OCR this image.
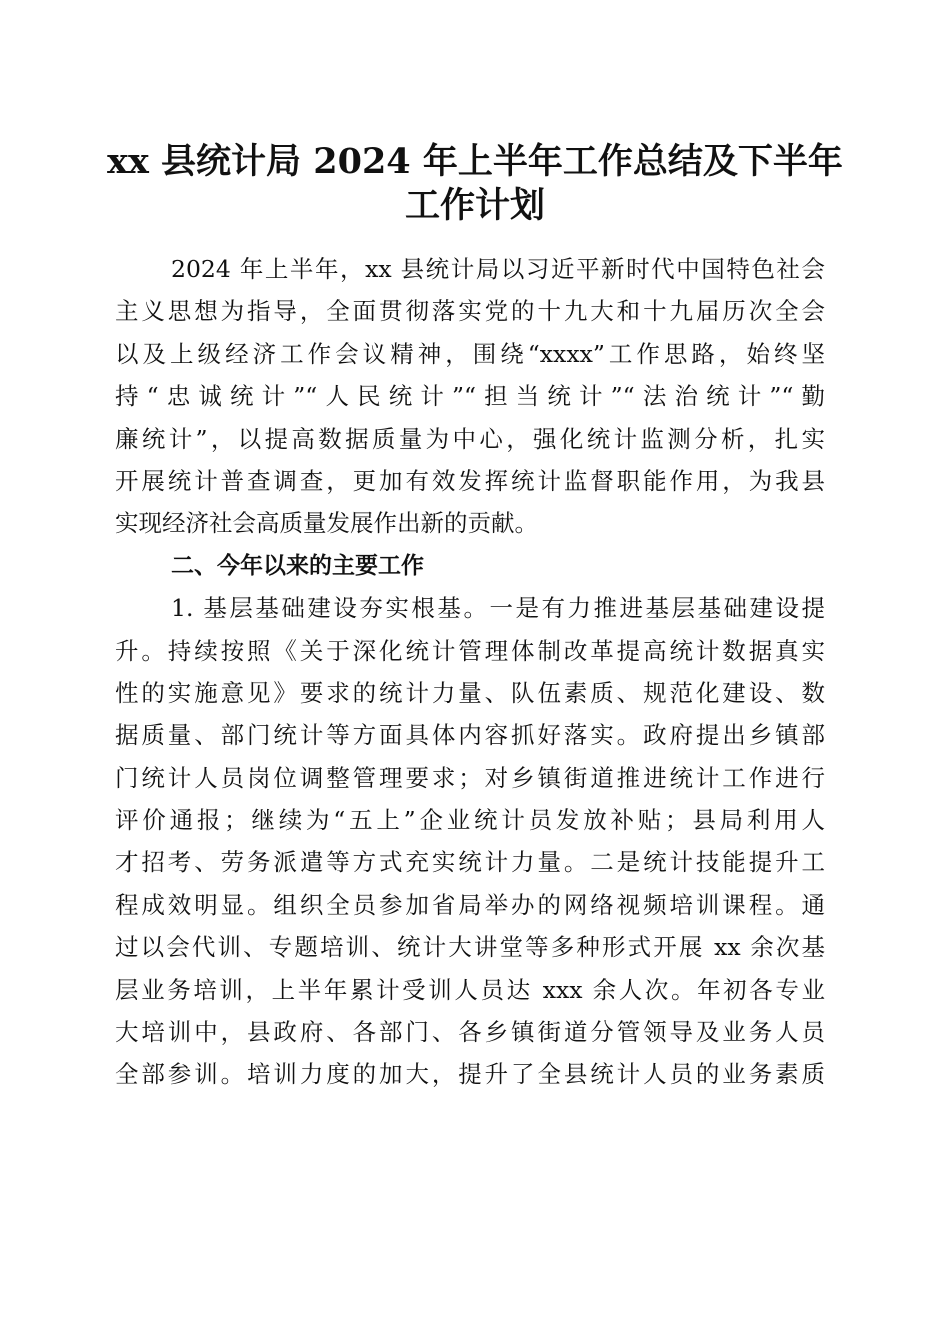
xx 县统计局 2024 年上半年工作总结及下半年
工作计划
2024 年上半年，xx 县统计局以习近平新时代中国特色社会
主义思想为指导，全面贯彻落实党的十九大和十九届历次全会
以及上级经济工作会议精神，围绕“xxxx”工作思路，始终坚
持“忠诚统计”“人民统计”“担当统计”“法治统计”“勤
廉统计”，以提高数据质量为中心，强化统计监测分析，扎实
开展统计普查调查，更加有效发挥统计监督职能作用，为我县
实现经济社会高质量发展作出新的贡献。
二、今年以来的主要工作
1. 基层基础建设夯实根基。一是有力推进基层基础建设提
升。持续按照《关于深化统计管理体制改革提高统计数据真实
性的实施意见》要求的统计力量、队伍素质、规范化建设、数
据质量、部门统计等方面具体内容抓好落实。政府提出乡镇部
门统计人员岗位调整管理要求；对乡镇街道推进统计工作进行
评价通报；继续为“五上”企业统计员发放补贴；县局利用人
才招考、劳务派遣等方式充实统计力量。二是统计技能提升工
程成效明显。组织全员参加省局举办的网络视频培训课程。通
过以会代训、专题培训、统计大讲堂等多种形式开展 xx 余次基
层业务培训，上半年累计受训人员达 xxx 余人次。年初各专业
大培训中，县政府、各部门、各乡镇街道分管领导及业务人员
全部参训。培训力度的加大，提升了全县统计人员的业务素质
